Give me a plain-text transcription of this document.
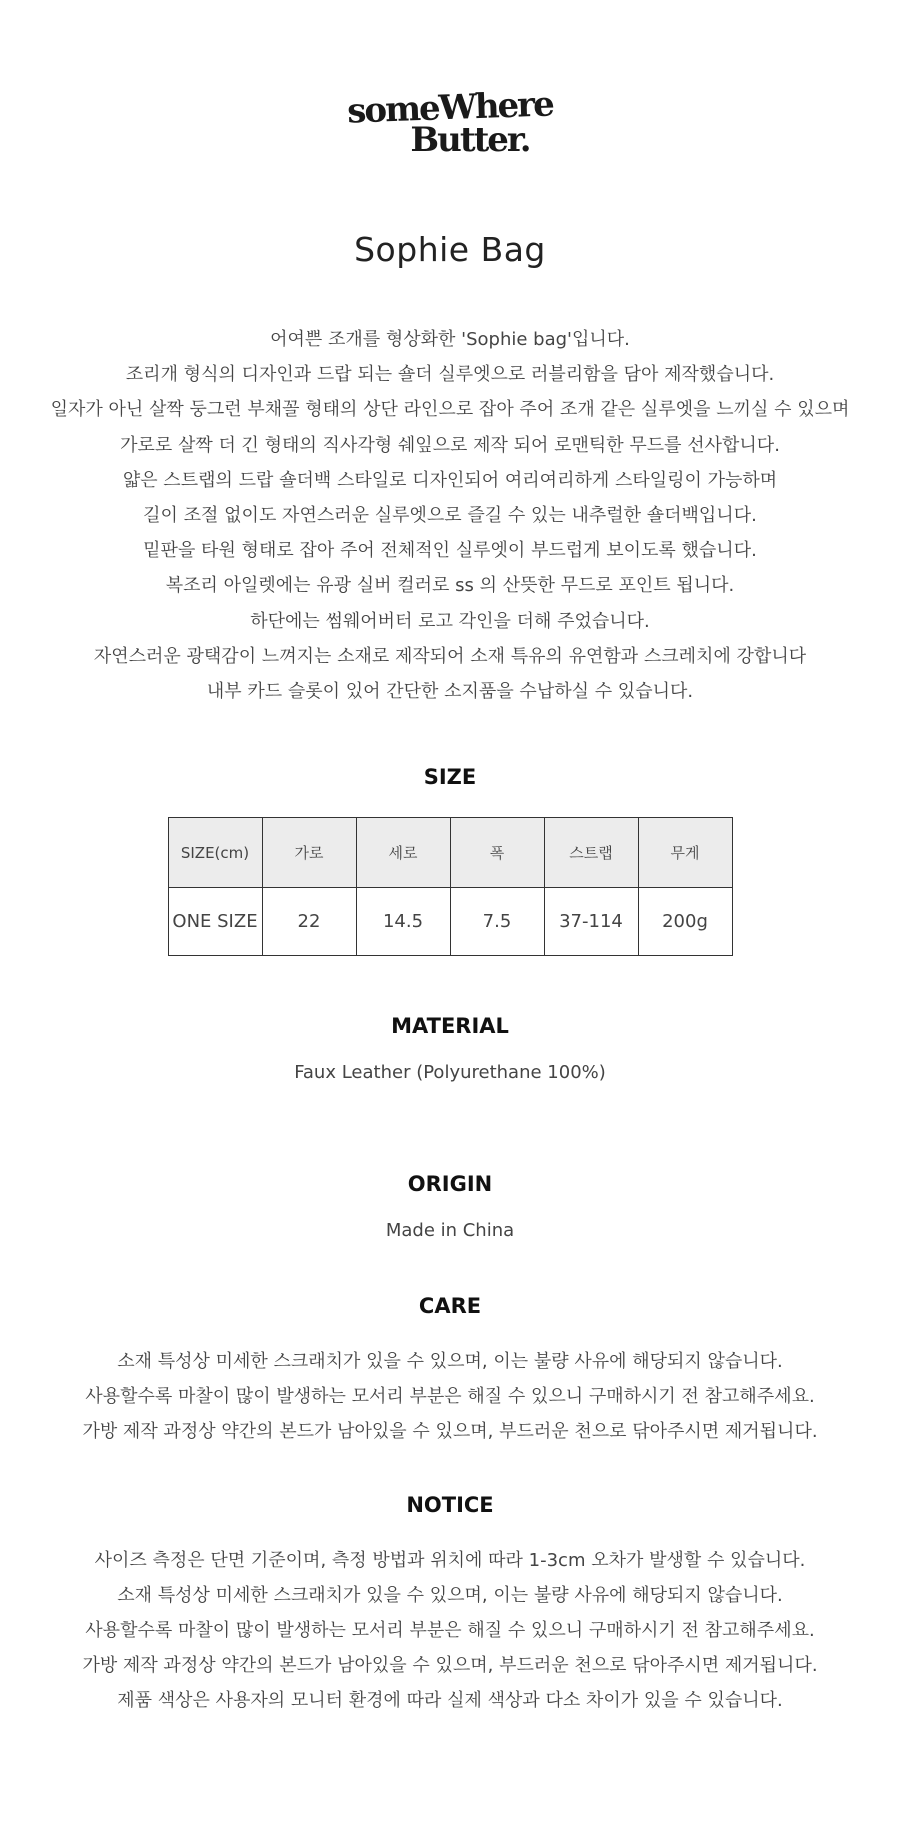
someWhere
Butter.
Sophie Bag
어여쁜 조개를 형상화한 'Sophie bag'입니다.
조리개 형식의 디자인과 드랍 되는 숄더 실루엣으로 러블리함을 담아 제작했습니다.
일자가 아닌 살짝 둥그런 부채꼴 형태의 상단 라인으로 잡아 주어 조개 같은 실루엣을 느끼실 수 있으며
가로로 살짝 더 긴 형태의 직사각형 쉐잎으로 제작 되어 로맨틱한 무드를 선사합니다.
얇은 스트랩의 드랍 숄더백 스타일로 디자인되어 여리여리하게 스타일링이 가능하며
길이 조절 없이도 자연스러운 실루엣으로 즐길 수 있는 내추럴한 숄더백입니다.
밑판을 타원 형태로 잡아 주어 전체적인 실루엣이 부드럽게 보이도록 했습니다.
복조리 아일렛에는 유광 실버 컬러로 ss 의 산뜻한 무드로 포인트 됩니다.
하단에는 썸웨어버터 로고 각인을 더해 주었습니다.
자연스러운 광택감이 느껴지는 소재로 제작되어 소재 특유의 유연함과 스크레치에 강합니다
내부 카드 슬롯이 있어 간단한 소지품을 수납하실 수 있습니다.
SIZE
SIZE(cm)	가로	세로	폭	스트랩	무게
ONE SIZE	22	14.5	7.5	37-114	200g
MATERIAL
Faux Leather (Polyurethane 100%)
ORIGIN
Made in China
CARE
소재 특성상 미세한 스크래치가 있을 수 있으며, 이는 불량 사유에 해당되지 않습니다.
사용할수록 마찰이 많이 발생하는 모서리 부분은 해질 수 있으니 구매하시기 전 참고해주세요.
가방 제작 과정상 약간의 본드가 남아있을 수 있으며, 부드러운 천으로 닦아주시면 제거됩니다.
NOTICE
사이즈 측정은 단면 기준이며, 측정 방법과 위치에 따라 1-3cm 오차가 발생할 수 있습니다.
소재 특성상 미세한 스크래치가 있을 수 있으며, 이는 불량 사유에 해당되지 않습니다.
사용할수록 마찰이 많이 발생하는 모서리 부분은 해질 수 있으니 구매하시기 전 참고해주세요.
가방 제작 과정상 약간의 본드가 남아있을 수 있으며, 부드러운 천으로 닦아주시면 제거됩니다.
제품 색상은 사용자의 모니터 환경에 따라 실제 색상과 다소 차이가 있을 수 있습니다.
